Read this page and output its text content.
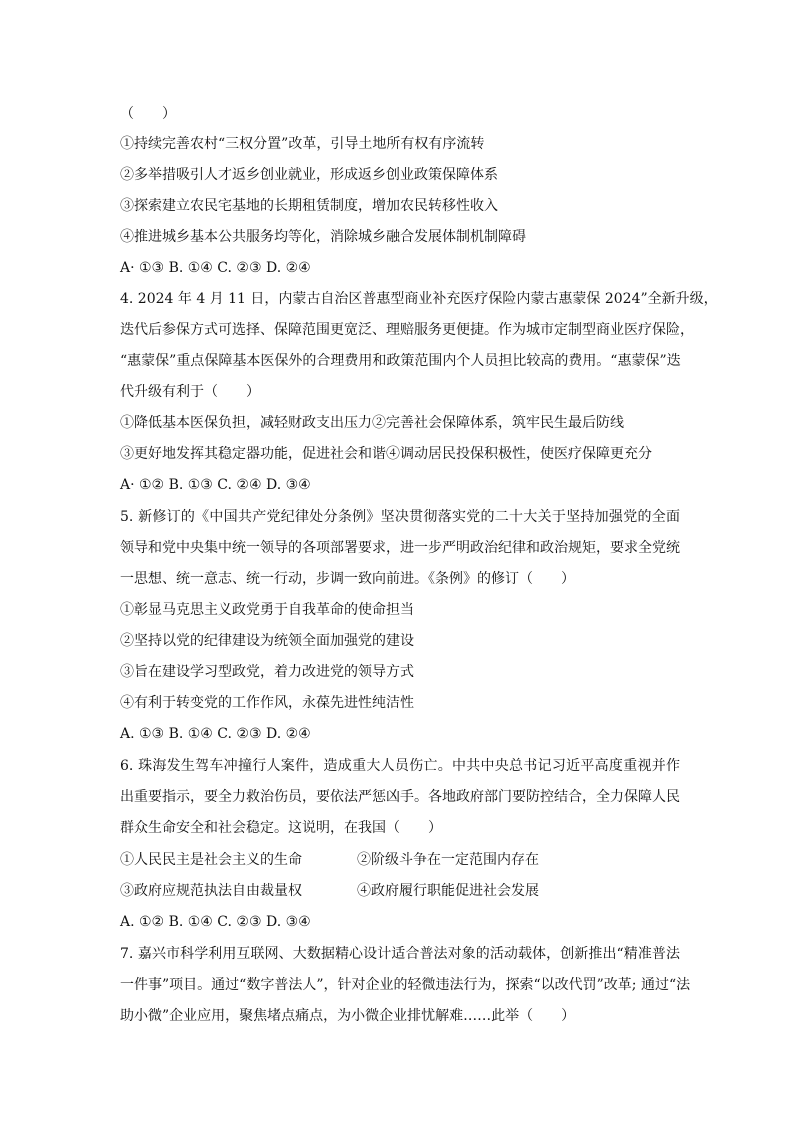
（　　）
①持续完善农村“三权分置”改革，引导土地所有权有序流转
②多举措吸引人才返乡创业就业，形成返乡创业政策保障体系
③探索建立农民宅基地的长期租赁制度，增加农民转移性收入
④推进城乡基本公共服务均等化，消除城乡融合发展体制机制障碍
A· ①③ B. ①④ C. ②③ D. ②④
4. 2024 年 4 月 11 日，内蒙古自治区普惠型商业补充医疗保险内蒙古惠蒙保 2024”全新升级，
迭代后参保方式可选择、保障范围更宽泛、理赔服务更便捷。作为城市定制型商业医疗保险，
“惠蒙保”重点保障基本医保外的合理费用和政策范围内个人员担比较高的费用。“惠蒙保”迭
代升级有利于（　　）
①降低基本医保负担，减轻财政支出压力②完善社会保障体系，筑牢民生最后防线
③更好地发挥其稳定器功能，促进社会和谐④调动居民投保积极性，使医疗保障更充分
A· ①② B. ①③ C. ②④ D. ③④
5. 新修订的《中国共产党纪律处分条例》坚决贯彻落实党的二十大关于坚持加强党的全面
领导和党中央集中统一领导的各项部署要求，进一步严明政治纪律和政治规矩，要求全党统
一思想、统一意志、统一行动，步调一致向前进。《条例》的修订（　　）
①彰显马克思主义政党勇于自我革命的使命担当
②坚持以党的纪律建设为统领全面加强党的建设
③旨在建设学习型政党，着力改进党的领导方式
④有利于转变党的工作作风，永葆先进性纯洁性
A. ①③ B. ①④ C. ②③ D. ②④
6. 珠海发生驾车冲撞行人案件，造成重大人员伤亡。中共中央总书记习近平高度重视并作
出重要指示，要全力救治伤员，要依法严惩凶手。各地政府部门要防控结合，全力保障人民
群众生命安全和社会稳定。这说明，在我国（　　）
①人民民主是社会主义的生命	②阶级斗争在一定范围内存在
③政府应规范执法自由裁量权	④政府履行职能促进社会发展
A. ①② B. ①④ C. ②③ D. ③④
7. 嘉兴市科学利用互联网、大数据精心设计适合普法对象的活动载体，创新推出“精准普法
一件事”项目。通过“数字普法人”，针对企业的轻微违法行为，探索“以改代罚”改革; 通过“法
助小微”企业应用，聚焦堵点痛点，为小微企业排忧解难……此举（　　）
